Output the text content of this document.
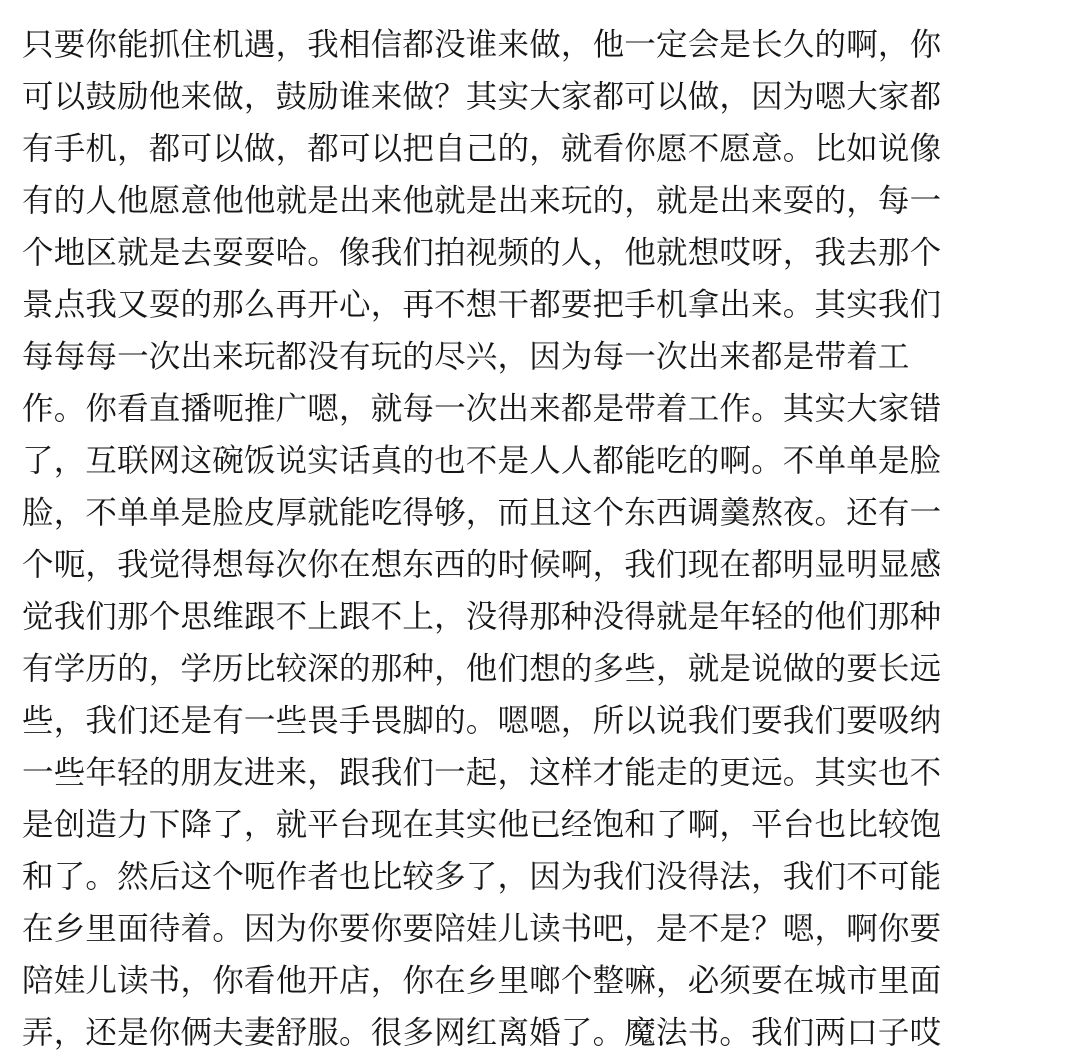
只要你能抓住机遇，我相信都没谁来做，他一定会是长久的啊，你
可以鼓励他来做，鼓励谁来做？其实大家都可以做，因为嗯大家都
有手机，都可以做，都可以把自己的，就看你愿不愿意。比如说像
有的人他愿意他他就是出来他就是出来玩的，就是出来耍的，每一
个地区就是去耍耍哈。像我们拍视频的人，他就想哎呀，我去那个
景点我又耍的那么再开心，再不想干都要把手机拿出来。其实我们
每每每一次出来玩都没有玩的尽兴，因为每一次出来都是带着工
作。你看直播呃推广嗯，就每一次出来都是带着工作。其实大家错
了，互联网这碗饭说实话真的也不是人人都能吃的啊。不单单是脸
脸，不单单是脸皮厚就能吃得够，而且这个东西调羹熬夜。还有一
个呃，我觉得想每次你在想东西的时候啊，我们现在都明显明显感
觉我们那个思维跟不上跟不上，没得那种没得就是年轻的他们那种
有学历的，学历比较深的那种，他们想的多些，就是说做的要长远
些，我们还是有一些畏手畏脚的。嗯嗯，所以说我们要我们要吸纳
一些年轻的朋友进来，跟我们一起，这样才能走的更远。其实也不
是创造力下降了，就平台现在其实他已经饱和了啊，平台也比较饱
和了。然后这个呃作者也比较多了，因为我们没得法，我们不可能
在乡里面待着。因为你要你要陪娃儿读书吧，是不是？嗯，啊你要
陪娃儿读书，你看他开店，你在乡里啷个整嘛，必须要在城市里面
弄，还是你俩夫妻舒服。很多网红离婚了。魔法书。我们两口子哎
